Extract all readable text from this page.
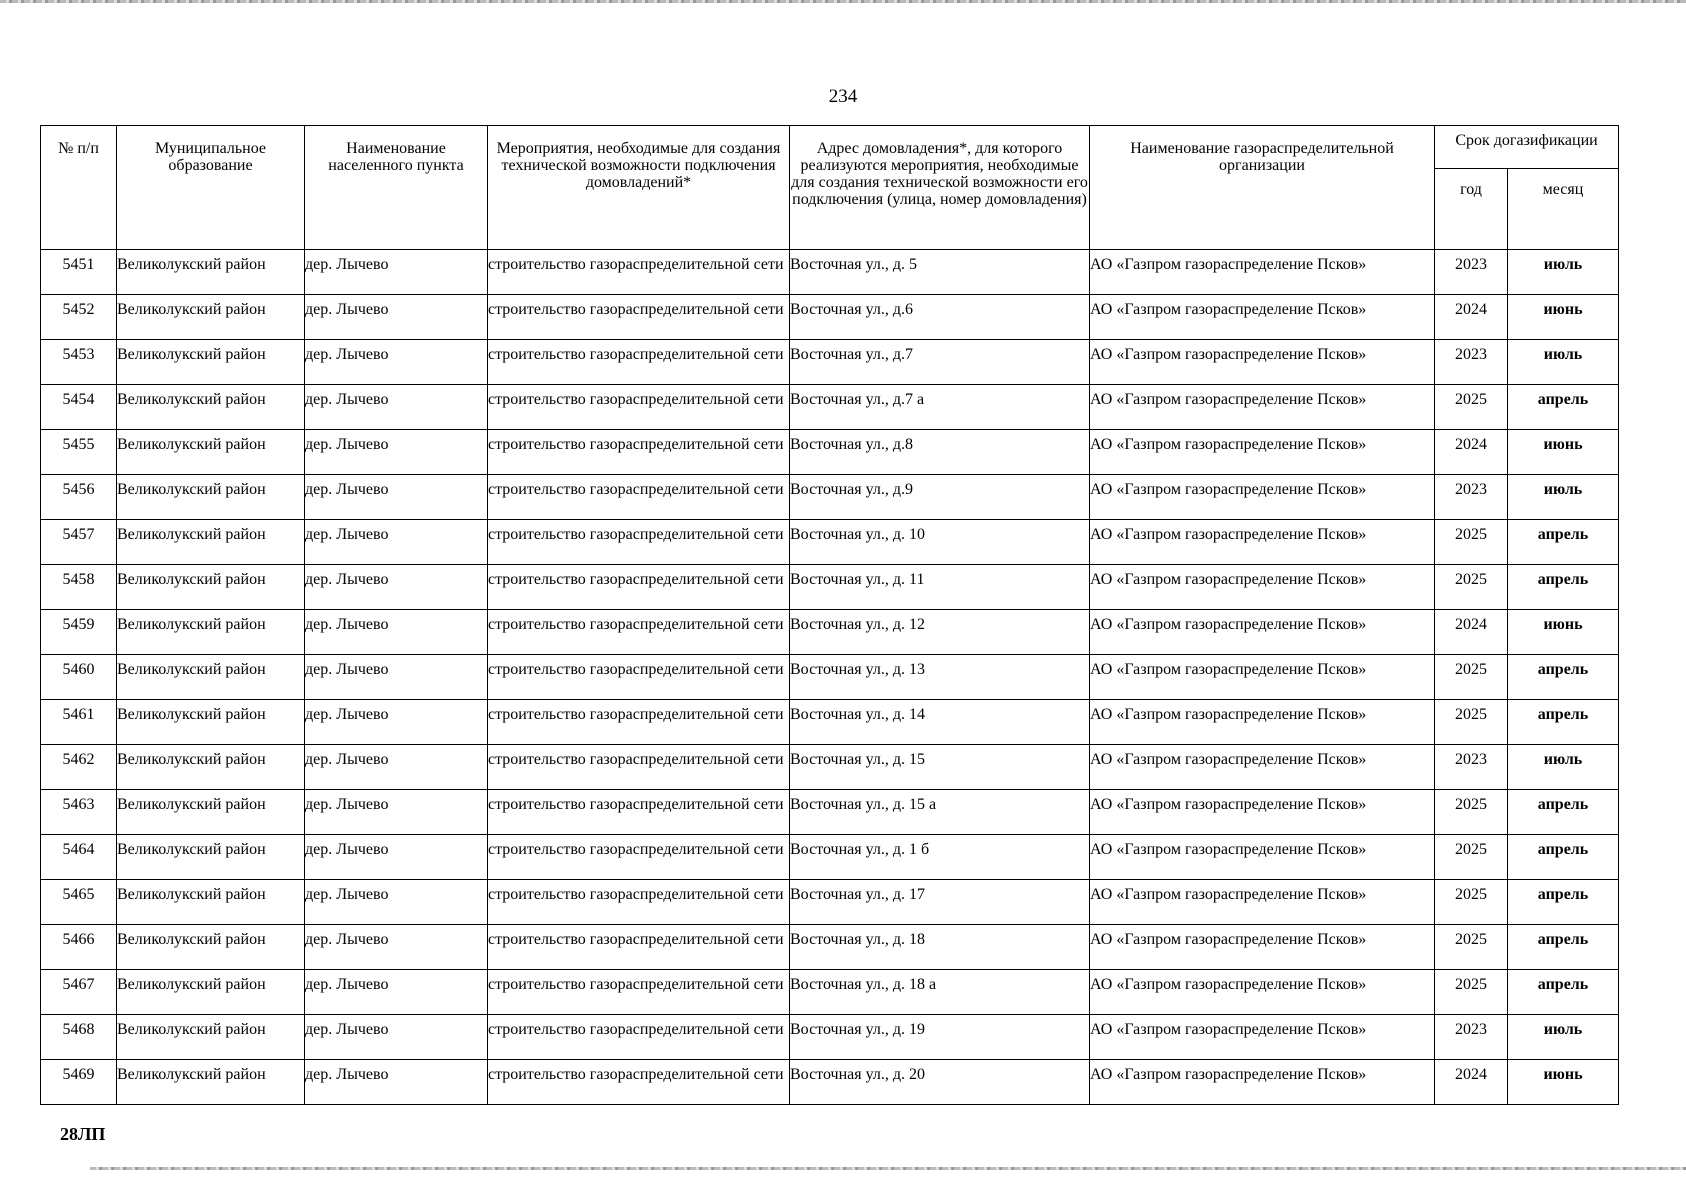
234
№ п/п	Муниципальное образование	Наименование населенного пункта	Мероприятия, необходимые для создания технической возможности подключения домовладений*	Адрес домовладения*, для которого реализуются мероприятия, необходимые для создания технической возможности его подключения (улица, номер домовладения)	Наименование газораспределительной организации	Срок догазификации	
						год	месяц
5451	Великолукский район	дер. Лычево	строительство газораспределительной сети	Восточная ул., д. 5	АО «Газпром газораспределение Псков»	2023	июль
5452	Великолукский район	дер. Лычево	строительство газораспределительной сети	Восточная ул., д.6	АО «Газпром газораспределение Псков»	2024	июнь
5453	Великолукский район	дер. Лычево	строительство газораспределительной сети	Восточная ул., д.7	АО «Газпром газораспределение Псков»	2023	июль
5454	Великолукский район	дер. Лычево	строительство газораспределительной сети	Восточная ул., д.7 а	АО «Газпром газораспределение Псков»	2025	апрель
5455	Великолукский район	дер. Лычево	строительство газораспределительной сети	Восточная ул., д.8	АО «Газпром газораспределение Псков»	2024	июнь
5456	Великолукский район	дер. Лычево	строительство газораспределительной сети	Восточная ул., д.9	АО «Газпром газораспределение Псков»	2023	июль
5457	Великолукский район	дер. Лычево	строительство газораспределительной сети	Восточная ул., д. 10	АО «Газпром газораспределение Псков»	2025	апрель
5458	Великолукский район	дер. Лычево	строительство газораспределительной сети	Восточная ул., д. 11	АО «Газпром газораспределение Псков»	2025	апрель
5459	Великолукский район	дер. Лычево	строительство газораспределительной сети	Восточная ул., д. 12	АО «Газпром газораспределение Псков»	2024	июнь
5460	Великолукский район	дер. Лычево	строительство газораспределительной сети	Восточная ул., д. 13	АО «Газпром газораспределение Псков»	2025	апрель
5461	Великолукский район	дер. Лычево	строительство газораспределительной сети	Восточная ул., д. 14	АО «Газпром газораспределение Псков»	2025	апрель
5462	Великолукский район	дер. Лычево	строительство газораспределительной сети	Восточная ул., д. 15	АО «Газпром газораспределение Псков»	2023	июль
5463	Великолукский район	дер. Лычево	строительство газораспределительной сети	Восточная ул., д. 15 а	АО «Газпром газораспределение Псков»	2025	апрель
5464	Великолукский район	дер. Лычево	строительство газораспределительной сети	Восточная ул., д. 1 б	АО «Газпром газораспределение Псков»	2025	апрель
5465	Великолукский район	дер. Лычево	строительство газораспределительной сети	Восточная ул., д. 17	АО «Газпром газораспределение Псков»	2025	апрель
5466	Великолукский район	дер. Лычево	строительство газораспределительной сети	Восточная ул., д. 18	АО «Газпром газораспределение Псков»	2025	апрель
5467	Великолукский район	дер. Лычево	строительство газораспределительной сети	Восточная ул., д. 18 а	АО «Газпром газораспределение Псков»	2025	апрель
5468	Великолукский район	дер. Лычево	строительство газораспределительной сети	Восточная ул., д. 19	АО «Газпром газораспределение Псков»	2023	июль
5469	Великолукский район	дер. Лычево	строительство газораспределительной сети	Восточная ул., д. 20	АО «Газпром газораспределение Псков»	2024	июнь
28ЛП
